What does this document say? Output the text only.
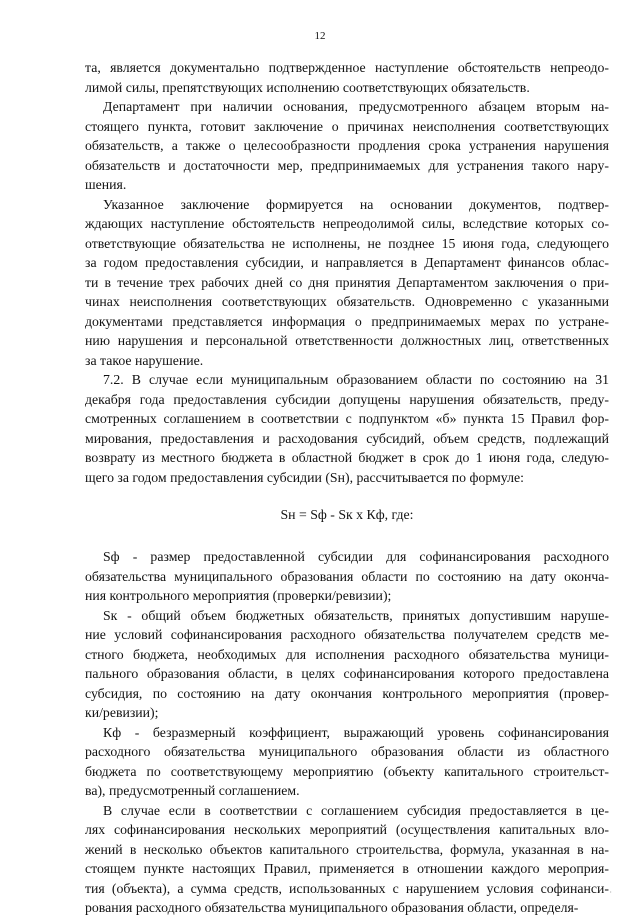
12
та, является документально подтвержденное наступление обстоятельств непреодо-
лимой силы, препятствующих исполнению соответствующих обязательств.
Департамент при наличии основания, предусмотренного абзацем вторым на-
стоящего пункта, готовит заключение о причинах неисполнения соответствующих
обязательств, а также о целесообразности продления срока устранения нарушения
обязательств и достаточности мер, предпринимаемых для устранения такого нару-
шения.
Указанное заключение формируется на основании документов, подтвер-
ждающих наступление обстоятельств непреодолимой силы, вследствие которых со-
ответствующие обязательства не исполнены, не позднее 15 июня года, следующего
за годом предоставления субсидии, и направляется в Департамент финансов облас-
ти в течение трех рабочих дней со дня принятия Департаментом заключения о при-
чинах неисполнения соответствующих обязательств. Одновременно с указанными
документами представляется информация о предпринимаемых мерах по устране-
нию нарушения и персональной ответственности должностных лиц, ответственных
за такое нарушение.
7.2. В случае если муниципальным образованием области по состоянию на 31
декабря года предоставления субсидии допущены нарушения обязательств, преду-
смотренных соглашением в соответствии с подпунктом «б» пункта 15 Правил фор-
мирования, предоставления и расходования субсидий, объем средств, подлежащий
возврату из местного бюджета в областной бюджет в срок до 1 июня года, следую-
щего за годом предоставления субсидии (Sн), рассчитывается по формуле:
Sн = Sф - Sк x Кф, где:
Sф - размер предоставленной субсидии для софинансирования расходного
обязательства муниципального образования области по состоянию на дату оконча-
ния контрольного мероприятия (проверки/ревизии);
Sк - общий объем бюджетных обязательств, принятых допустившим наруше-
ние условий софинансирования расходного обязательства получателем средств ме-
стного бюджета, необходимых для исполнения расходного обязательства муници-
пального образования области, в целях софинансирования которого предоставлена
субсидия, по состоянию на дату окончания контрольного мероприятия (провер-
ки/ревизии);
Кф - безразмерный коэффициент, выражающий уровень софинансирования
расходного обязательства муниципального образования области из областного
бюджета по соответствующему мероприятию (объекту капитального строительст-
ва), предусмотренный соглашением.
В случае если в соответствии с соглашением субсидия предоставляется в це-
лях софинансирования нескольких мероприятий (осуществления капитальных вло-
жений в несколько объектов капитального строительства, формула, указанная в на-
стоящем пункте настоящих Правил, применяется в отношении каждого мероприя-
тия (объекта), а сумма средств, использованных с нарушением условия софинанси-
рования расходного обязательства муниципального образования области, определя-
·
